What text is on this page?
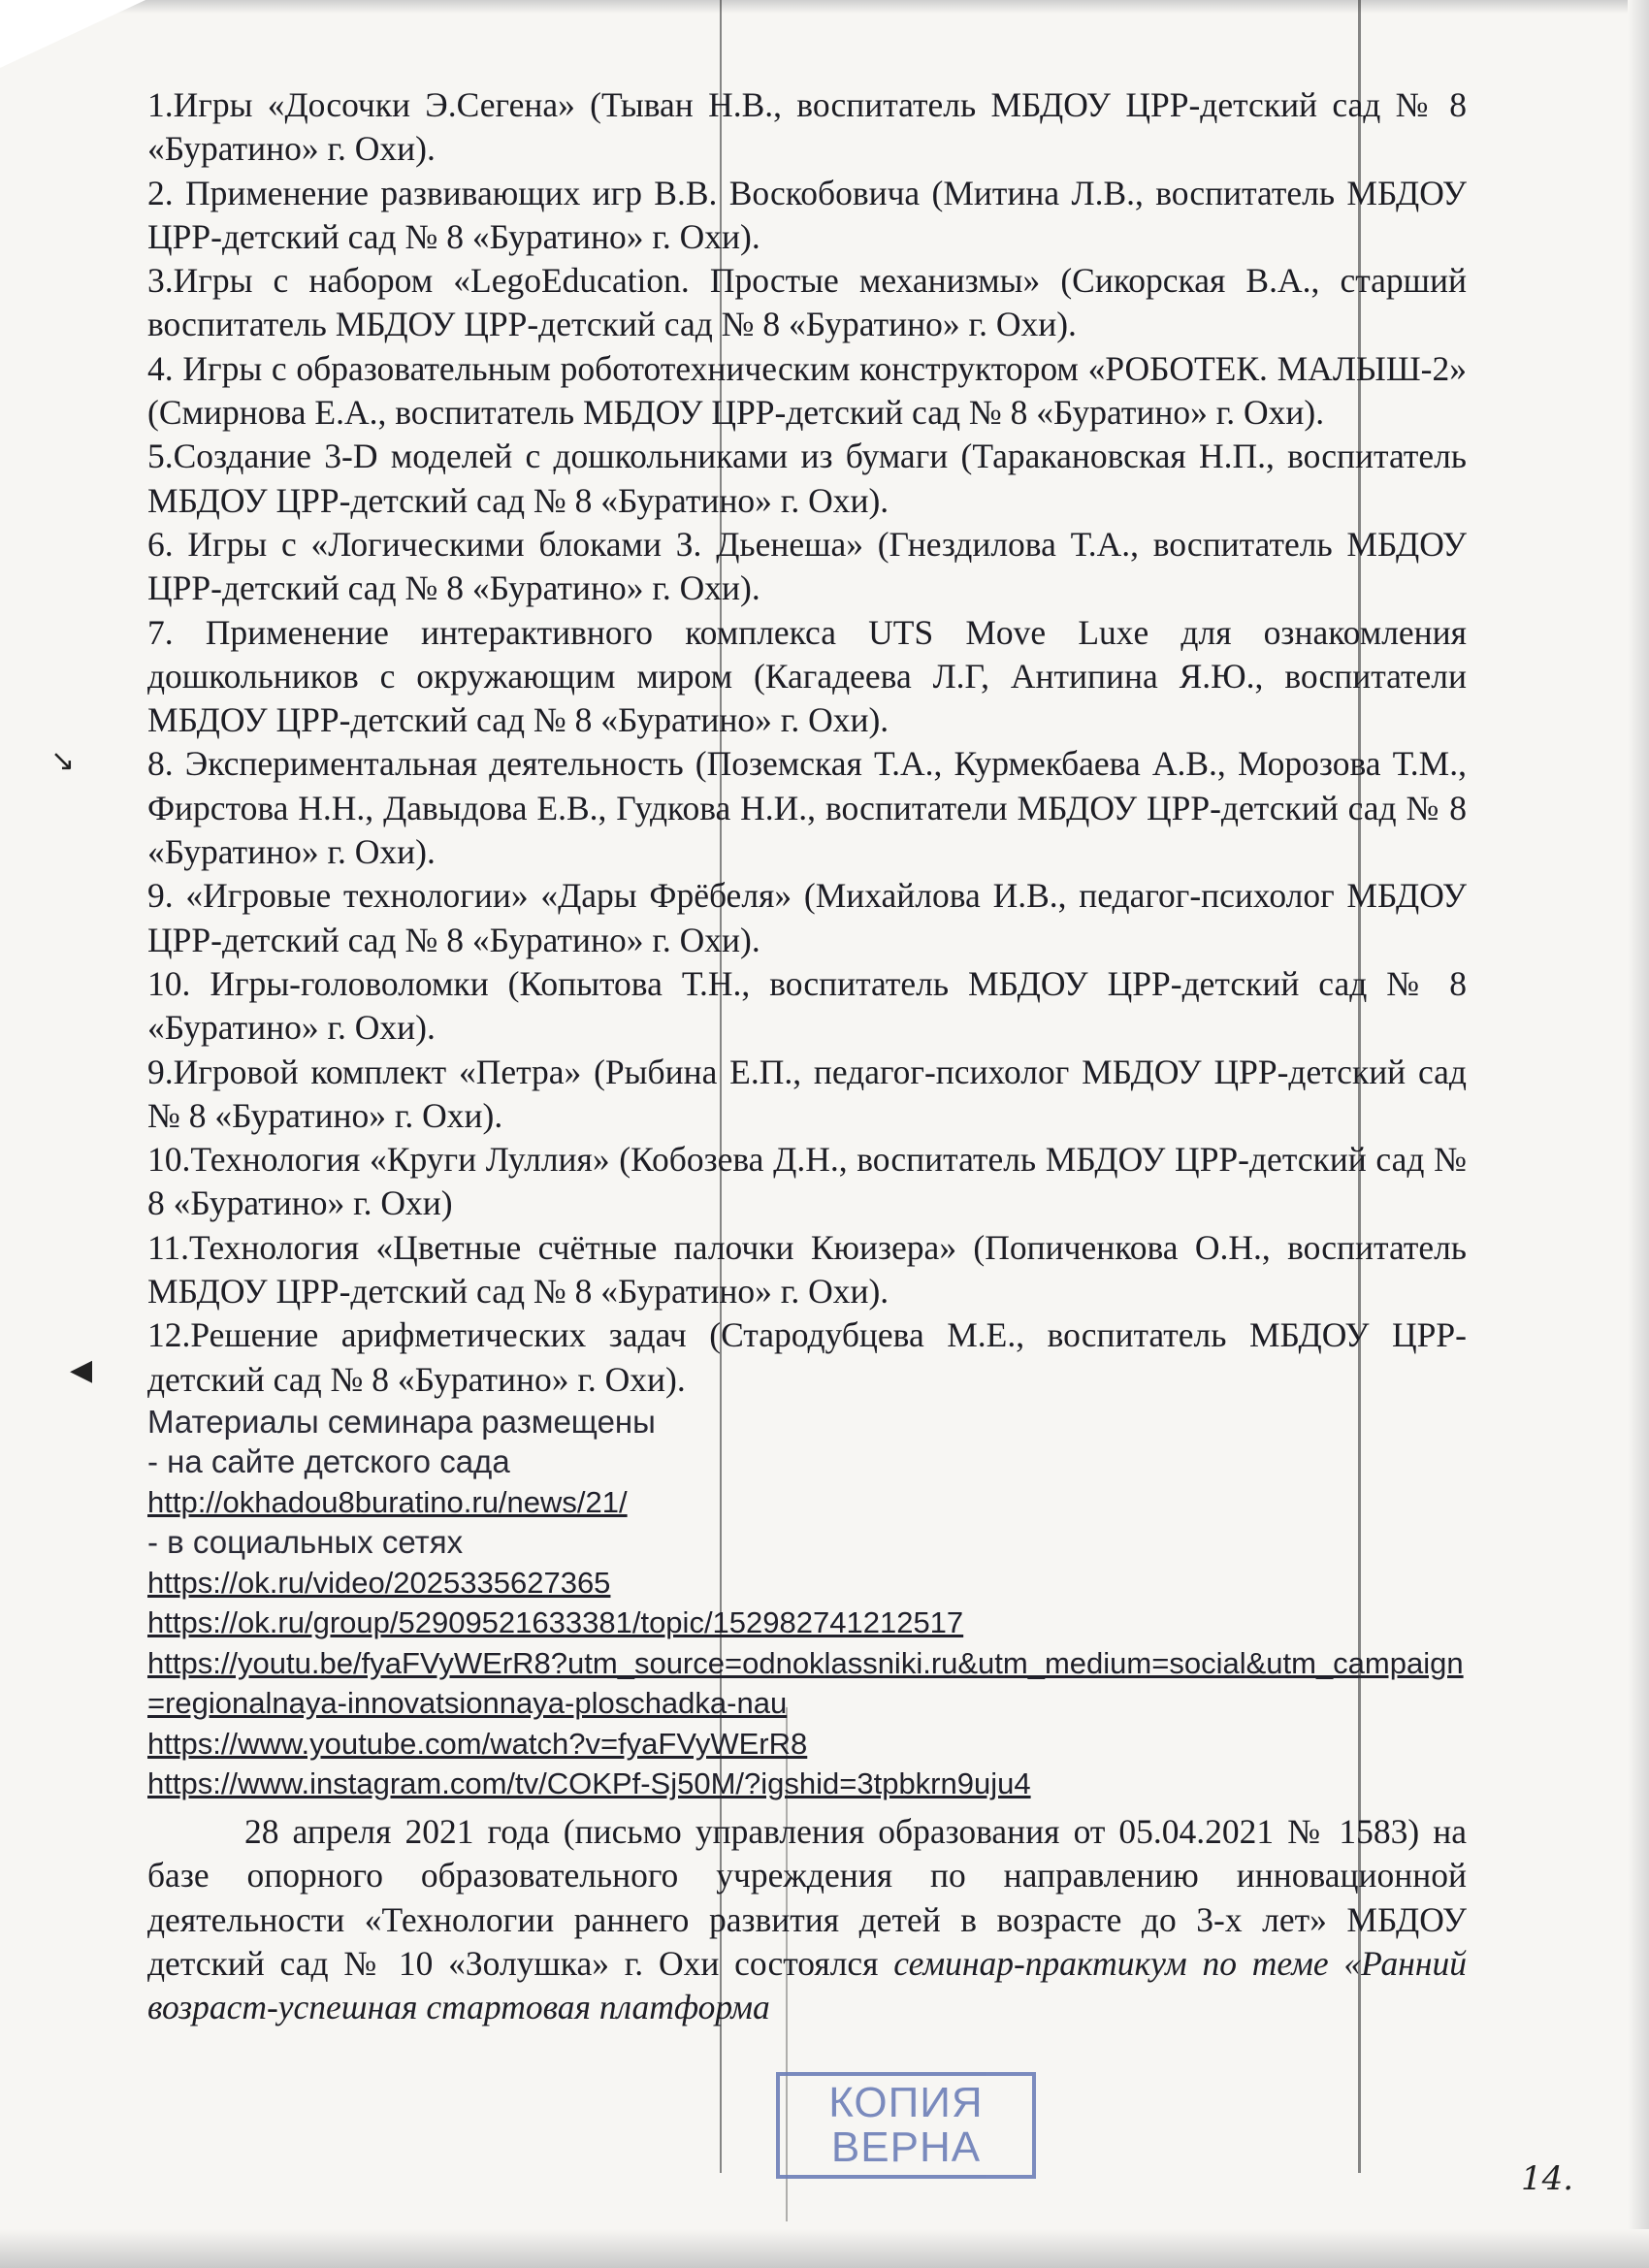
↘
◀

1.Игры «Досочки Э.Сегена» (Тыван Н.В., воспитатель МБДОУ ЦРР-детский сад № 8 «Буратино» г. Охи).

2. Применение развивающих игр В.В. Воскобовича (Митина Л.В., воспитатель МБДОУ ЦРР-детский сад № 8 «Буратино» г. Охи).

3.Игры с набором «LegoEducation. Простые механизмы» (Сикорская В.А., старший воспитатель МБДОУ ЦРР-детский сад № 8 «Буратино» г. Охи).

4. Игры с образовательным робототехническим конструктором «РОБОТЕК. МАЛЫШ-2» (Смирнова Е.А., воспитатель МБДОУ ЦРР-детский сад № 8 «Буратино» г. Охи).

5.Создание 3-D моделей с дошкольниками из бумаги (Таракановская Н.П., воспитатель МБДОУ ЦРР-детский сад № 8 «Буратино» г. Охи).

6. Игры с «Логическими блоками З. Дьенеша» (Гнездилова Т.А., воспитатель МБДОУ ЦРР-детский сад № 8 «Буратино» г. Охи).

7. Применение интерактивного комплекса UTS Move Luxe для ознакомления дошкольников с окружающим миром (Кагадеева Л.Г, Антипина Я.Ю., воспитатели МБДОУ ЦРР-детский сад № 8 «Буратино» г. Охи).

8. Экспериментальная деятельность (Поземская Т.А., Курмекбаева А.В., Морозова Т.М., Фирстова Н.Н., Давыдова Е.В., Гудкова Н.И., воспитатели МБДОУ ЦРР-детский сад № 8 «Буратино» г. Охи).

9. «Игровые технологии» «Дары Фрёбеля» (Михайлова И.В., педагог-психолог МБДОУ ЦРР-детский сад № 8 «Буратино» г. Охи).

10. Игры-головоломки (Копытова Т.Н., воспитатель МБДОУ ЦРР-детский сад № 8 «Буратино» г. Охи).

9.Игровой комплект «Петра» (Рыбина Е.П., педагог-психолог МБДОУ ЦРР-детский сад № 8 «Буратино» г. Охи).

10.Технология «Круги Луллия» (Кобозева Д.Н., воспитатель МБДОУ ЦРР-детский сад № 8 «Буратино» г. Охи)

11.Технология «Цветные счётные палочки Кюизера» (Попиченкова О.Н., воспитатель МБДОУ ЦРР-детский сад № 8 «Буратино» г. Охи).

12.Решение арифметических задач (Стародубцева М.Е., воспитатель МБДОУ ЦРР-детский сад № 8 «Буратино» г. Охи).

Материалы семинара размещены

- на сайте детского сада

http://okhadou8buratino.ru/news/21/

- в социальных сетях

https://ok.ru/video/2025335627365
https://ok.ru/group/52909521633381/topic/152982741212517
https://youtu.be/fyaFVyWErR8?utm_source=odnoklassniki.ru&utm_medium=social&utm_campaign=regionalnaya-innovatsionnaya-ploschadka-nau
https://www.youtube.com/watch?v=fyaFVyWErR8
https://www.instagram.com/tv/COKPf-Sj50M/?igshid=3tpbkrn9uju4

28 апреля 2021 года (письмо управления образования от 05.04.2021 № 1583) на базе опорного образовательного учреждения по направлению инновационной деятельности «Технологии раннего развития детей в возрасте до 3-х лет» МБДОУ детский сад № 10 «Золушка» г. Охи состоялся семинар-практикум по теме «Ранний возраст-успешная стартовая платформа

КОПИЯ
ВЕРНА
14.
